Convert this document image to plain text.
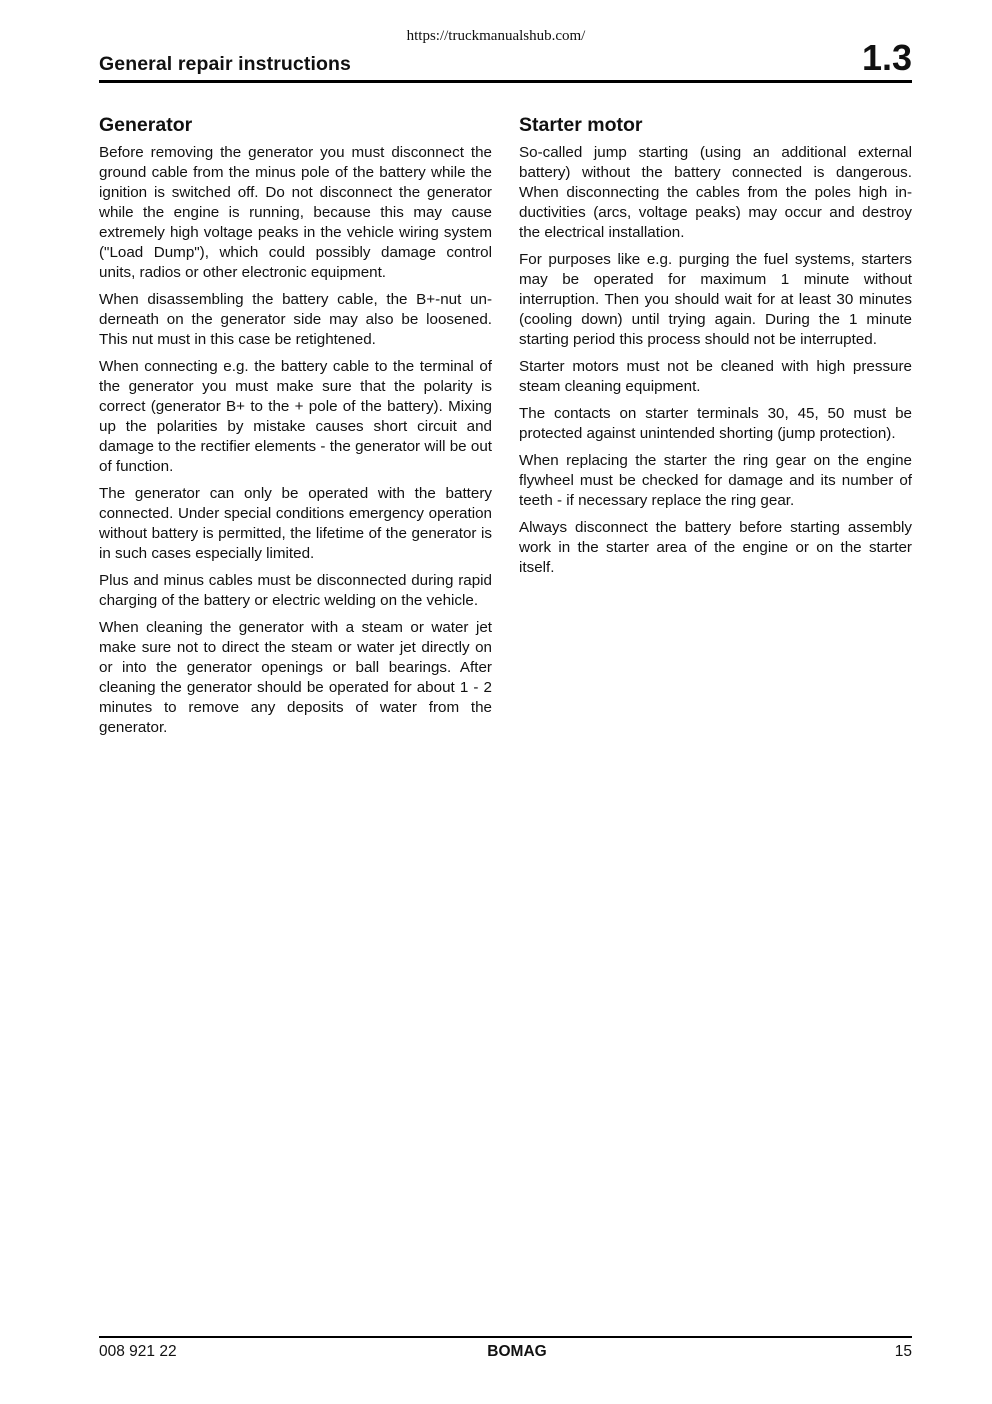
https://truckmanualshub.com/
General repair instructions	1.3
Generator

Before removing the generator you must disconnect the ground cable from the minus pole of the battery while the ignition is switched off. Do not disconnect the generator while the engine is running, because this may cause extremely high voltage peaks in the vehicle wiring system ("Load Dump"), which could possibly damage control units, radios or other electronic equipment.

When disassembling the battery cable, the B+-nut underneath on the generator side may also be loosened. This nut must in this case be retightened.

When connecting e.g. the battery cable to the terminal of the generator you must make sure that the polarity is correct (generator B+ to the + pole of the battery). Mixing up the polarities by mistake causes short circuit and damage to the rectifier elements - the generator will be out of function.

The generator can only be operated with the battery connected. Under special conditions emergency operation without battery is permitted, the lifetime of the generator is in such cases especially limited.

Plus and minus cables must be disconnected during rapid charging of the battery or electric welding on the vehicle.

When cleaning the generator with a steam or water jet make sure not to direct the steam or water jet directly on or into the generator openings or ball bearings. After cleaning the generator should be operated for about 1 - 2 minutes to remove any deposits of water from the generator.

Starter motor

So-called jump starting (using an additional external battery) without the battery connected is dangerous. When disconnecting the cables from the poles high inductivities (arcs, voltage peaks) may occur and destroy the electrical installation.

For purposes like e.g. purging the fuel systems, starters may be operated for maximum 1 minute without interruption. Then you should wait for at least 30 minutes (cooling down) until trying again. During the 1 minute starting period this process should not be interrupted.

Starter motors must not be cleaned with high pressure steam cleaning equipment.

The contacts on starter terminals 30, 45, 50 must be protected against unintended shorting (jump protection).

When replacing the starter the ring gear on the engine flywheel must be checked for damage and its number of teeth - if necessary replace the ring gear.

Always disconnect the battery before starting assembly work in the starter area of the engine or on the starter itself.

008 921 22	BOMAG	15
